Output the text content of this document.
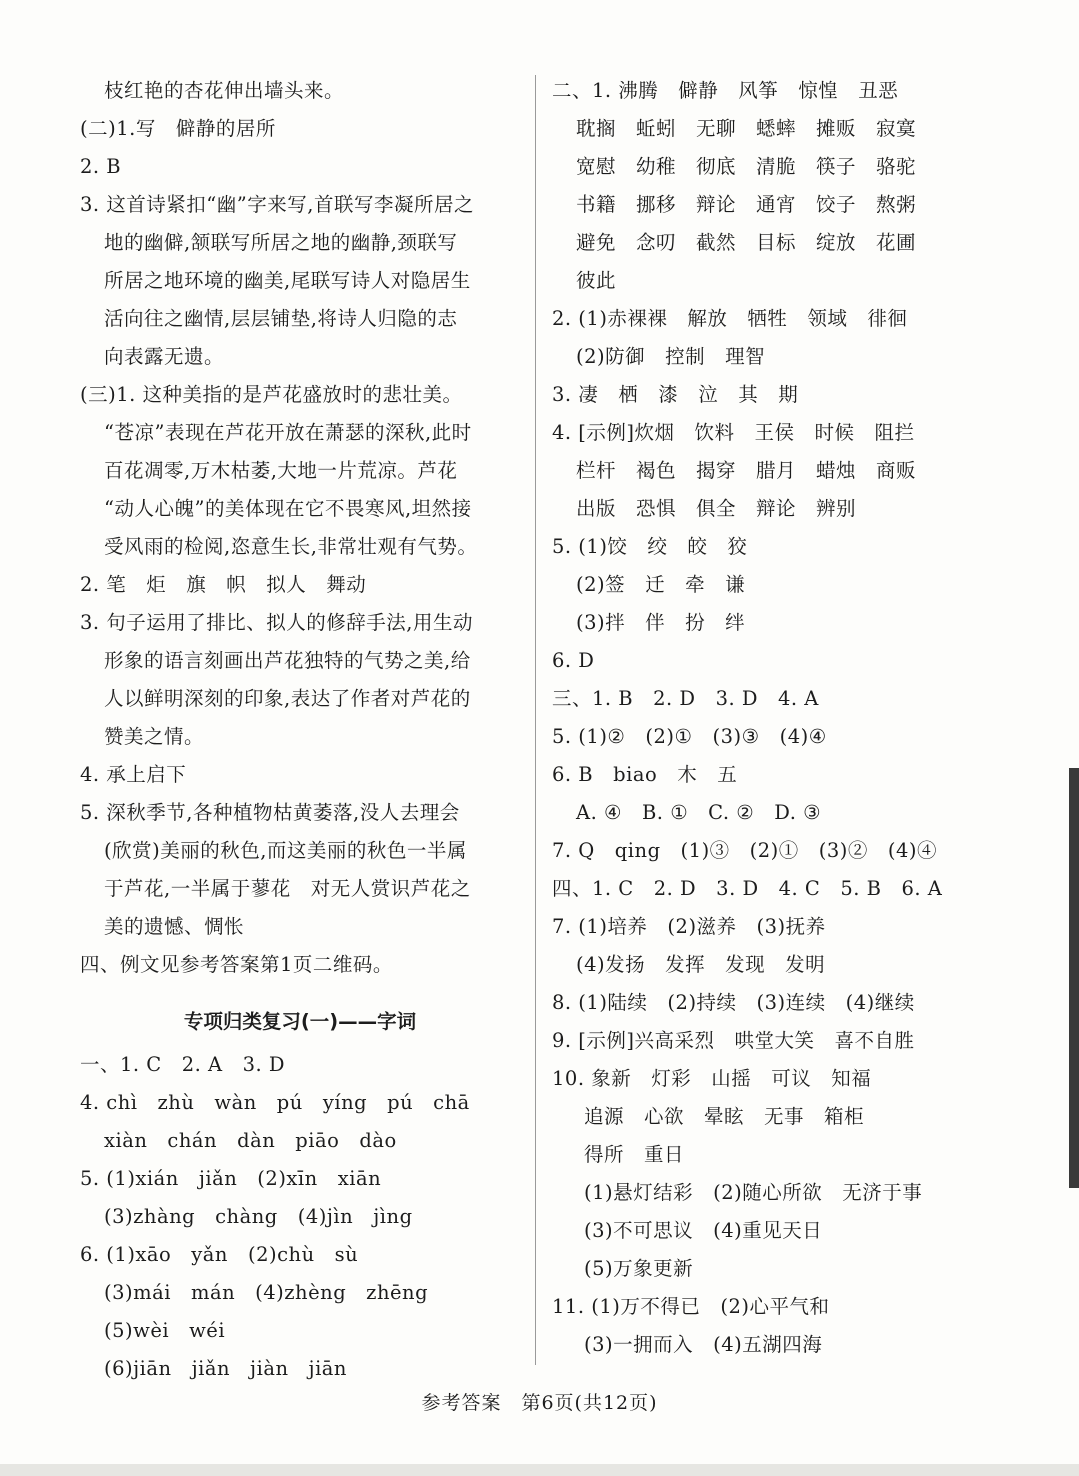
枝红艳的杏花伸出墙头来。
(二)1.写　僻静的居所
2. B
3. 这首诗紧扣“幽”字来写,首联写李凝所居之
地的幽僻,颔联写所居之地的幽静,颈联写
所居之地环境的幽美,尾联写诗人对隐居生
活向往之幽情,层层铺垫,将诗人归隐的志
向表露无遗。
(三)1. 这种美指的是芦花盛放时的悲壮美。
“苍凉”表现在芦花开放在萧瑟的深秋,此时
百花凋零,万木枯萎,大地一片荒凉。芦花
“动人心魄”的美体现在它不畏寒风,坦然接
受风雨的检阅,恣意生长,非常壮观有气势。
2. 笔　炬　旗　帜　拟人　舞动
3. 句子运用了排比、拟人的修辞手法,用生动
形象的语言刻画出芦花独特的气势之美,给
人以鲜明深刻的印象,表达了作者对芦花的
赞美之情。
4. 承上启下
5. 深秋季节,各种植物枯黄萎落,没人去理会
(欣赏)美丽的秋色,而这美丽的秋色一半属
于芦花,一半属于蓼花　对无人赏识芦花之
美的遗憾、惆怅
四、例文见参考答案第1页二维码。
专项归类复习(一)——字词
一、1. C　2. A　3. D
4. chì　zhù　wàn　pú　yíng　pú　chā
xiàn　chán　dàn　piāo　dào
5. (1)xián　jiǎn　(2)xīn　xiān
(3)zhàng　chàng　(4)jìn　jìng
6. (1)xāo　yǎn　(2)chù　sù
(3)mái　mán　(4)zhèng　zhēng
(5)wèi　wéi
(6)jiān　jiǎn　jiàn　jiān
二、1. 沸腾　僻静　风筝　惊惶　丑恶
耽搁　蚯蚓　无聊　蟋蟀　摊贩　寂寞
宽慰　幼稚　彻底　清脆　筷子　骆驼
书籍　挪移　辩论　通宵　饺子　熬粥
避免　念叨　截然　目标　绽放　花圃
彼此
2. (1)赤裸裸　解放　牺牲　领域　徘徊
(2)防御　控制　理智
3. 凄　栖　漆　泣　其　期
4. [示例]炊烟　饮料　王侯　时候　阻拦
栏杆　褐色　揭穿　腊月　蜡烛　商贩
出版　恐惧　俱全　辩论　辨别
5. (1)饺　绞　皎　狡
(2)签　迁　牵　谦
(3)拌　伴　扮　绊
6. D
三、1. B　2. D　3. D　4. A
5. (1)②　(2)①　(3)③　(4)④
6. B　biao　木　五
A. ④　B. ①　C. ②　D. ③
7. Q　qing　(1)③　(2)①　(3)②　(4)④
四、1. C　2. D　3. D　4. C　5. B　6. A
7. (1)培养　(2)滋养　(3)抚养
(4)发扬　发挥　发现　发明
8. (1)陆续　(2)持续　(3)连续　(4)继续
9. [示例]兴高采烈　哄堂大笑　喜不自胜
10. 象新　灯彩　山摇　可议　知福
追源　心欲　晕眩　无事　箱柜
得所　重日
(1)悬灯结彩　(2)随心所欲　无济于事
(3)不可思议　(4)重见天日
(5)万象更新
11. (1)万不得已　(2)心平气和
(3)一拥而入　(4)五湖四海
参考答案　第6页(共12页)
